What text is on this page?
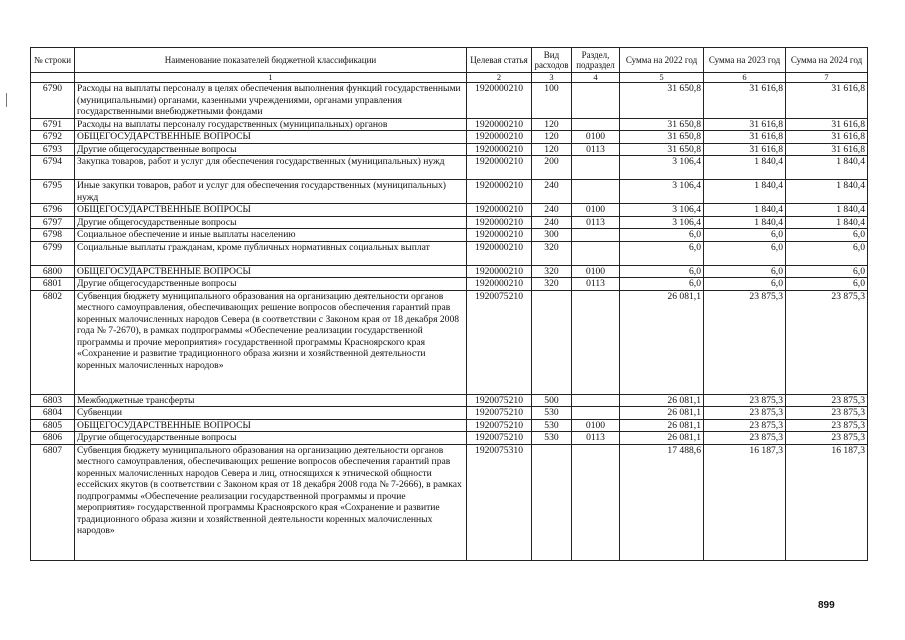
№ строки	Наименование показателей бюджетной классификации	Целевая статья	Вид расходов	Раздел, подраздел	Сумма на 2022 год	Сумма на 2023 год	Сумма на 2024 год
	1	2	3	4	5	6	7
6790	Расходы на выплаты персоналу в целях обеспечения выполнения функций государственными (муниципальными) органами, казенными учреждениями, органами управления государственными внебюджетными фондами	1920000210	100		31 650,8	31 616,8	31 616,8
6791	Расходы на выплаты персоналу государственных (муниципальных) органов	1920000210	120		31 650,8	31 616,8	31 616,8
6792	ОБЩЕГОСУДАРСТВЕННЫЕ ВОПРОСЫ	1920000210	120	0100	31 650,8	31 616,8	31 616,8
6793	Другие общегосударственные вопросы	1920000210	120	0113	31 650,8	31 616,8	31 616,8
6794	Закупка товаров, работ и услуг для обеспечения государственных (муниципальных) нужд	1920000210	200		3 106,4	1 840,4	1 840,4
6795	Иные закупки товаров, работ и услуг для обеспечения государственных (муниципальных) нужд	1920000210	240		3 106,4	1 840,4	1 840,4
6796	ОБЩЕГОСУДАРСТВЕННЫЕ ВОПРОСЫ	1920000210	240	0100	3 106,4	1 840,4	1 840,4
6797	Другие общегосударственные вопросы	1920000210	240	0113	3 106,4	1 840,4	1 840,4
6798	Социальное обеспечение и иные выплаты населению	1920000210	300		6,0	6,0	6,0
6799	Социальные выплаты гражданам, кроме публичных нормативных социальных выплат	1920000210	320		6,0	6,0	6,0
6800	ОБЩЕГОСУДАРСТВЕННЫЕ ВОПРОСЫ	1920000210	320	0100	6,0	6,0	6,0
6801	Другие общегосударственные вопросы	1920000210	320	0113	6,0	6,0	6,0
6802	Субвенция бюджету муниципального образования на организацию деятельности органов местного самоуправления, обеспечивающих решение вопросов обеспечения гарантий прав коренных малочисленных народов Севера (в соответствии с Законом края от 18 декабря 2008 года № 7-2670), в рамках подпрограммы «Обеспечение реализации государственной программы и прочие мероприятия» государственной программы Красноярского края «Сохранение и развитие традиционного образа жизни и хозяйственной деятельности коренных малочисленных народов»	1920075210			26 081,1	23 875,3	23 875,3
6803	Межбюджетные трансферты	1920075210	500		26 081,1	23 875,3	23 875,3
6804	Субвенции	1920075210	530		26 081,1	23 875,3	23 875,3
6805	ОБЩЕГОСУДАРСТВЕННЫЕ ВОПРОСЫ	1920075210	530	0100	26 081,1	23 875,3	23 875,3
6806	Другие общегосударственные вопросы	1920075210	530	0113	26 081,1	23 875,3	23 875,3
6807	Субвенция бюджету муниципального образования на организацию деятельности органов местного самоуправления, обеспечивающих решение вопросов обеспечения гарантий прав коренных малочисленных народов Севера и лиц, относящихся к этнической общности ессейских якутов (в соответствии с Законом края от 18 декабря 2008 года № 7-2666), в рамках подпрограммы «Обеспечение реализации государственной программы и прочие мероприятия» государственной программы Красноярского края «Сохранение и развитие традиционного образа жизни и хозяйственной деятельности коренных малочисленных народов»	1920075310			17 488,6	16 187,3	16 187,3
899
